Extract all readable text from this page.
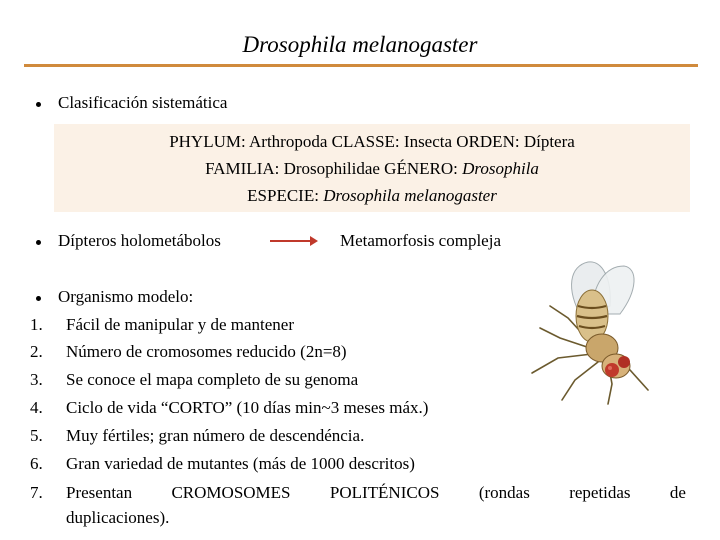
Drosophila melanogaster
Clasificación sistemática
PHYLUM: Arthropoda CLASSE: Insecta ORDEN: Díptera
FAMILIA: Drosophilidae GÉNERO: Drosophila
ESPECIE: Drosophila melanogaster
Dípteros holometábolos	Metamorfosis compleja
Organismo modelo:
1. Fácil de manipular y de mantener
2. Número de cromosomes reducido (2n=8)
3. Se conoce el mapa completo de su genoma
4. Ciclo de vida “CORTO” (10 días min~3 meses máx.)
5. Muy fértiles; gran número de descendéncia.
6. Gran variedad de mutantes (más de 1000 descritos)
7. Presentan CROMOSOMES POLITÉNICOS (rondas repetidas de
duplicaciones).
